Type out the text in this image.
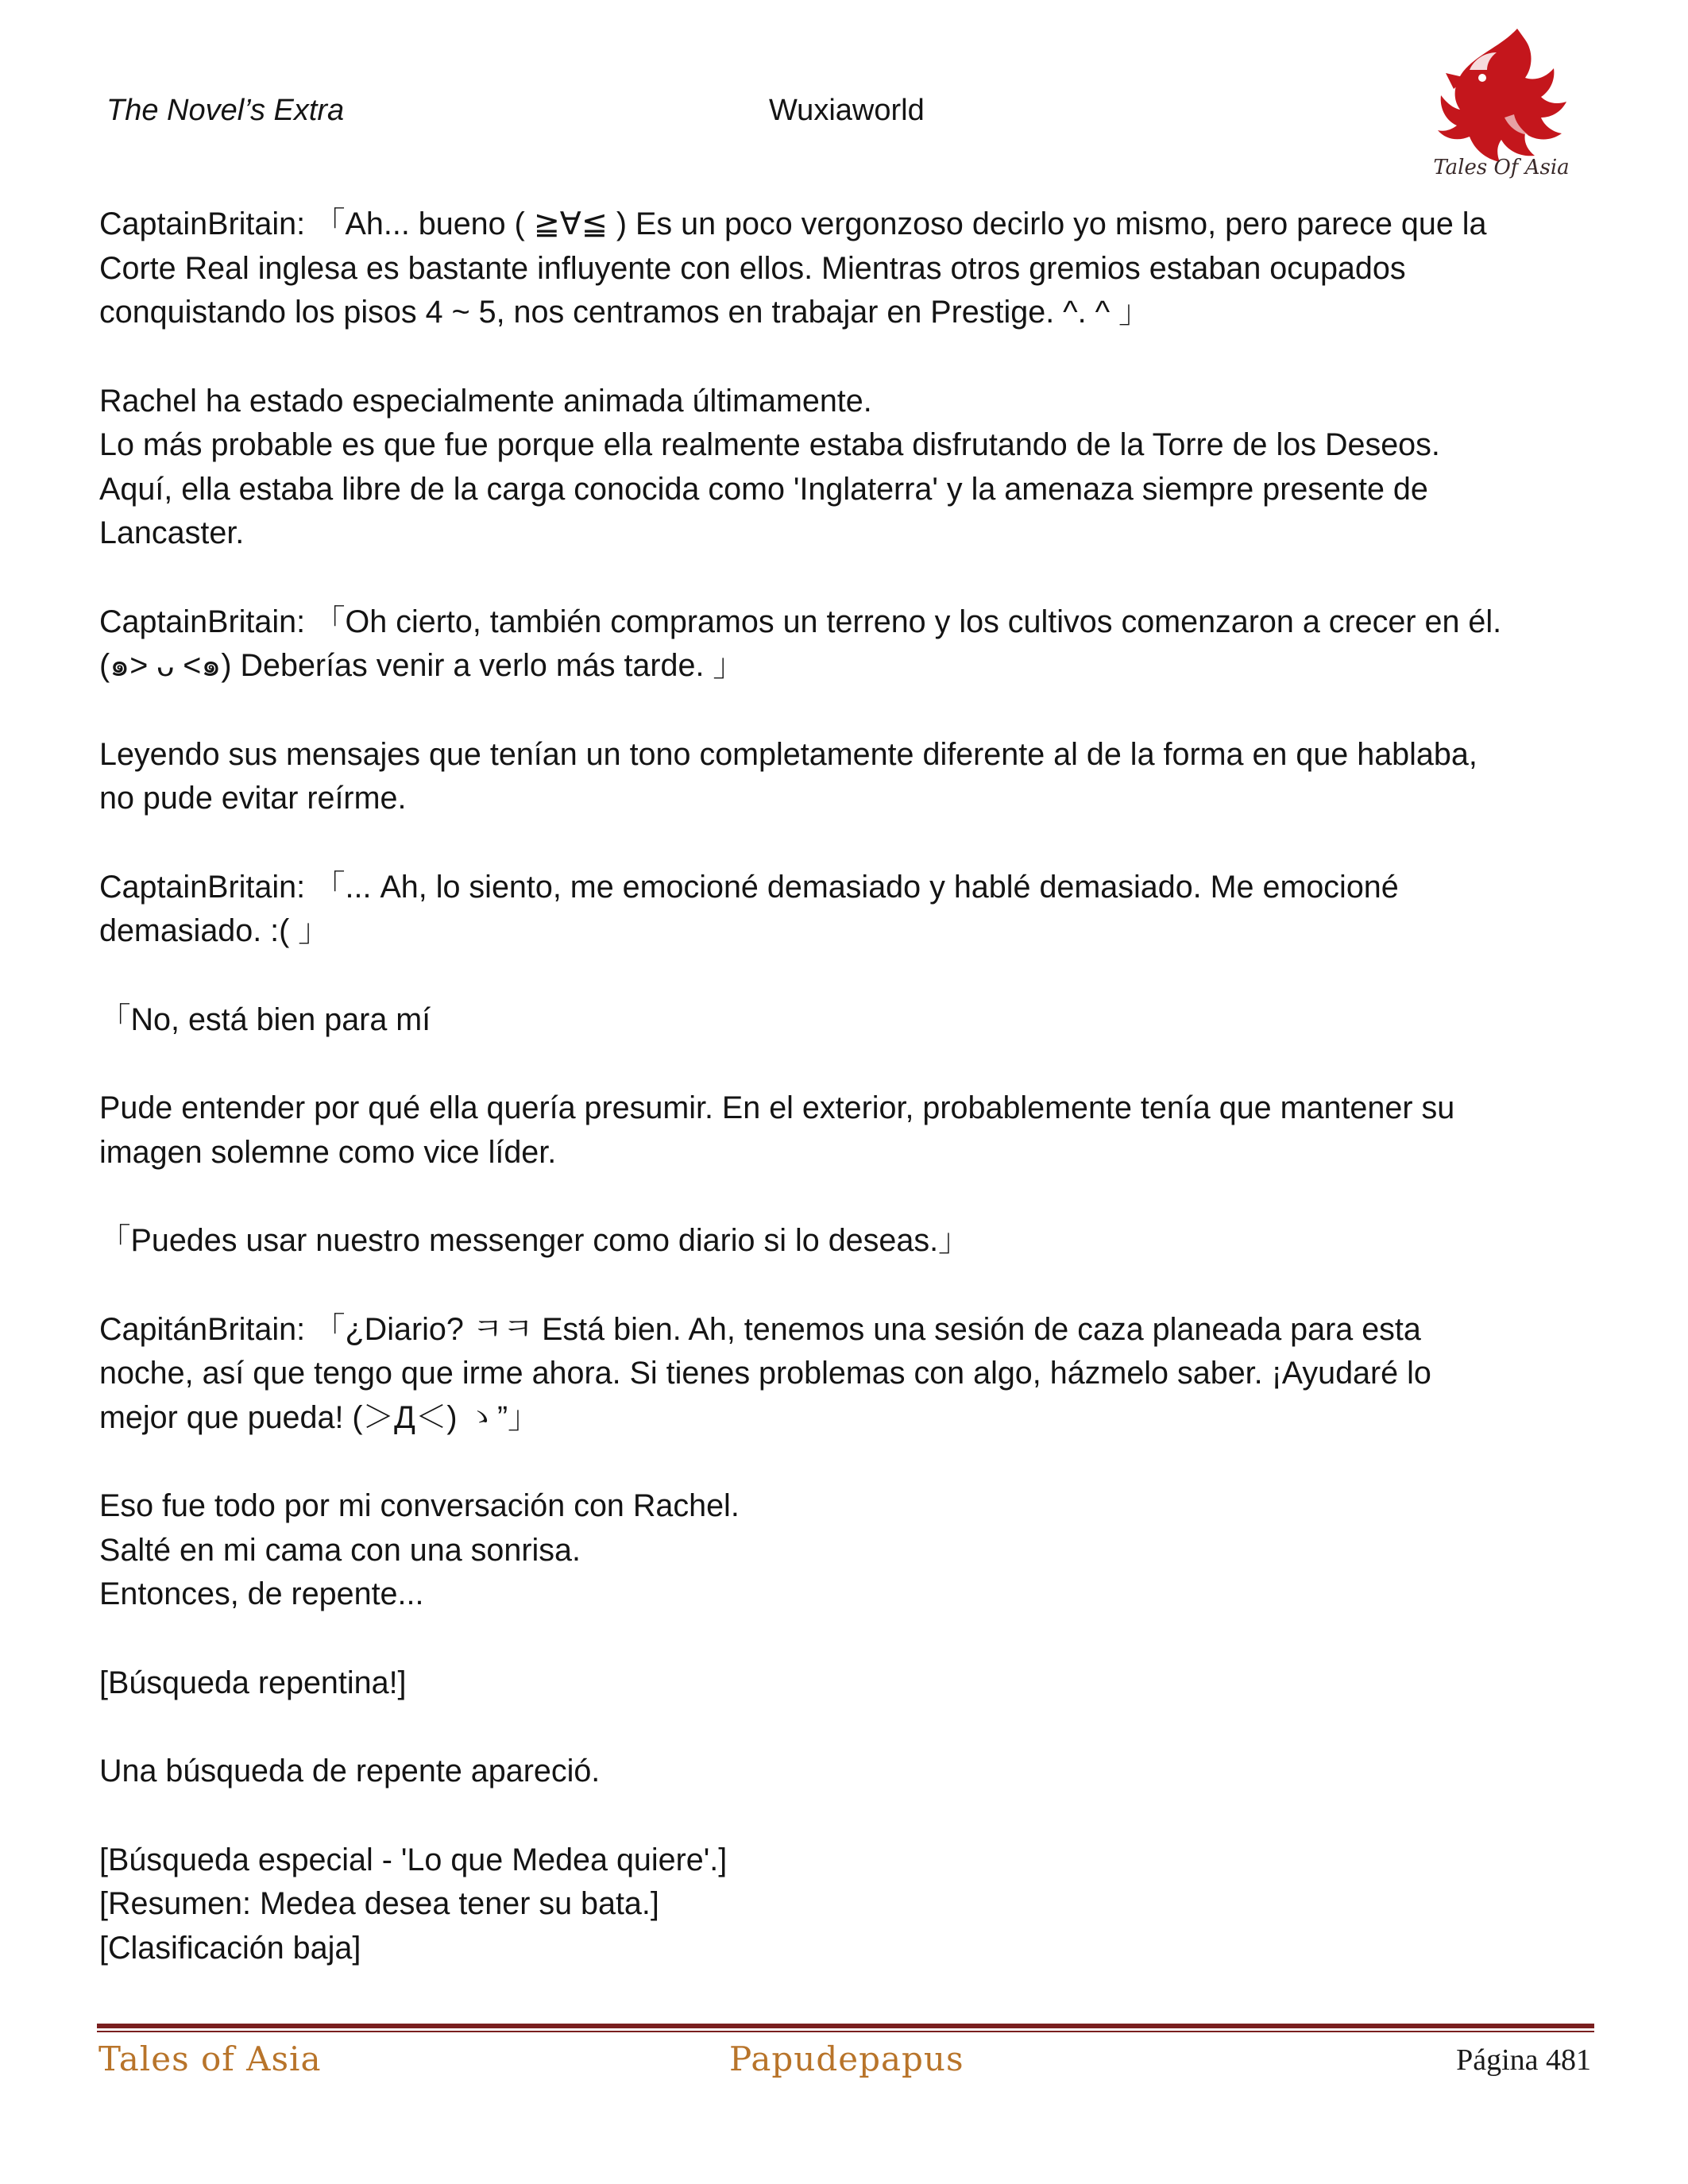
The Novel’s Extra	Wuxiaworld
Tales Of Asia

CaptainBritain: 「Ah... bueno ( ≧∀≦ ) Es un poco vergonzoso decirlo yo mismo, pero parece que la

Corte Real inglesa es bastante influyente con ellos. Mientras otros gremios estaban ocupados

conquistando los pisos 4 ~ 5, nos centramos en trabajar en Prestige. ^. ^ 」

Rachel ha estado especialmente animada últimamente.

Lo más probable es que fue porque ella realmente estaba disfrutando de la Torre de los Deseos.

Aquí, ella estaba libre de la carga conocida como 'Inglaterra' y la amenaza siempre presente de

Lancaster.

CaptainBritain: 「Oh cierto, también compramos un terreno y los cultivos comenzaron a crecer en él.

(๑> ᴗ <๑) Deberías venir a verlo más tarde. 」

Leyendo sus mensajes que tenían un tono completamente diferente al de la forma en que hablaba,

no pude evitar reírme.

CaptainBritain: 「... Ah, lo siento, me emocioné demasiado y hablé demasiado. Me emocioné

demasiado. :( 」

「No, está bien para mí

Pude entender por qué ella quería presumir. En el exterior, probablemente tenía que mantener su

imagen solemne como vice líder.

「Puedes usar nuestro messenger como diario si lo deseas.」

CapitánBritain: 「¿Diario? ㅋㅋ Está bien. Ah, tenemos una sesión de caza planeada para esta

noche, así que tengo que irme ahora. Si tienes problemas con algo, házmelo saber. ¡Ayudaré lo

mejor que pueda! (＞Д＜) ゝ”」

Eso fue todo por mi conversación con Rachel.

Salté en mi cama con una sonrisa.

Entonces, de repente...

[Búsqueda repentina!]

Una búsqueda de repente apareció.

[Búsqueda especial - 'Lo que Medea quiere'.]

[Resumen: Medea desea tener su bata.]

[Clasificación baja]

Tales of Asia	Papudepapus	Página 481
